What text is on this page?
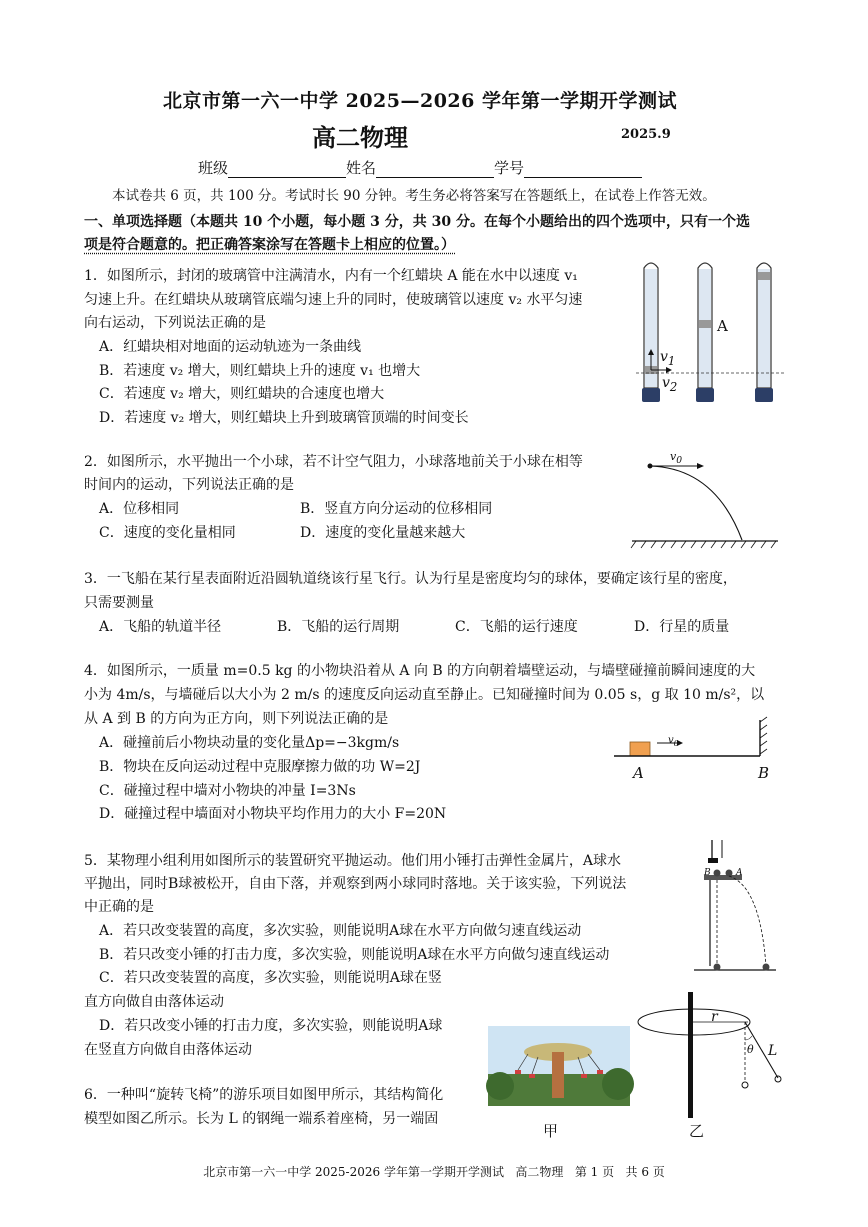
北京市第一六一中学 2025—2026 学年第一学期开学测试
高二物理	2025.9
班级	姓名	学号
本试卷共 6 页，共 100 分。考试时长 90 分钟。考生务必将答案写在答题纸上，在试卷上作答无效。
一、单项选择题（本题共 10 个小题，每小题 3 分，共 30 分。在每个小题给出的四个选项中，只有一个选
项是符合题意的。把正确答案涂写在答题卡上相应的位置。）
1．如图所示，封闭的玻璃管中注满清水，内有一个红蜡块 A 能在水中以速度 v₁
匀速上升。在红蜡块从玻璃管底端匀速上升的同时，使玻璃管以速度 v₂ 水平匀速
向右运动，下列说法正确的是
A．红蜡块相对地面的运动轨迹为一条曲线
B．若速度 v₂ 增大，则红蜡块上升的速度 v₁ 也增大
C．若速度 v₂ 增大，则红蜡块的合速度也增大
D．若速度 v₂ 增大，则红蜡块上升到玻璃管顶端的时间变长
A
$v_1$
$v_2$
2．如图所示，水平抛出一个小球，若不计空气阻力，小球落地前关于小球在相等
时间内的运动，下列说法正确的是
A．位移相同	B．竖直方向分运动的位移相同
C．速度的变化量相同	D．速度的变化量越来越大
$v_0$
3．一飞船在某行星表面附近沿圆轨道绕该行星飞行。认为行星是密度均匀的球体，要确定该行星的密度，
只需要测量
A．飞船的轨道半径	B．飞船的运行周期	C．飞船的运行速度	D．行星的质量
4．如图所示，一质量 m=0.5 kg 的小物块沿着从 A 向 B 的方向朝着墙壁运动，与墙壁碰撞前瞬间速度的大
小为 4m/s，与墙碰后以大小为 2 m/s 的速度反向运动直至静止。已知碰撞时间为 0.05 s，g 取 10 m/s²，以
从 A 到 B 的方向为正方向，则下列说法正确的是
A．碰撞前后小物块动量的变化量Δp=−3kgm/s
B．物块在反向运动过程中克服摩擦力做的功 W=2J
C．碰撞过程中墙对小物块的冲量 I=3Ns
D．碰撞过程中墙面对小物块平均作用力的大小 F=20N
$v_0$
A	B
5．某物理小组利用如图所示的装置研究平抛运动。他们用小锤打击弹性金属片，A球水
平抛出，同时B球被松开，自由下落，并观察到两小球同时落地。关于该实验，下列说法
中正确的是
A．若只改变装置的高度，多次实验，则能说明A球在水平方向做匀速直线运动
B．若只改变小锤的打击力度，多次实验，则能说明A球在水平方向做匀速直线运动
C．若只改变装置的高度，多次实验，则能说明A球在竖
直方向做自由落体运动
D．若只改变小锤的打击力度，多次实验，则能说明A球
在竖直方向做自由落体运动
B	A
6．一种叫“旋转飞椅”的游乐项目如图甲所示，其结构简化
模型如图乙所示。长为 L 的钢绳一端系着座椅，另一端固
甲
r
θ L
乙
北京市第一六一中学 2025-2026 学年第一学期开学测试   高二物理   第 1 页   共 6 页
